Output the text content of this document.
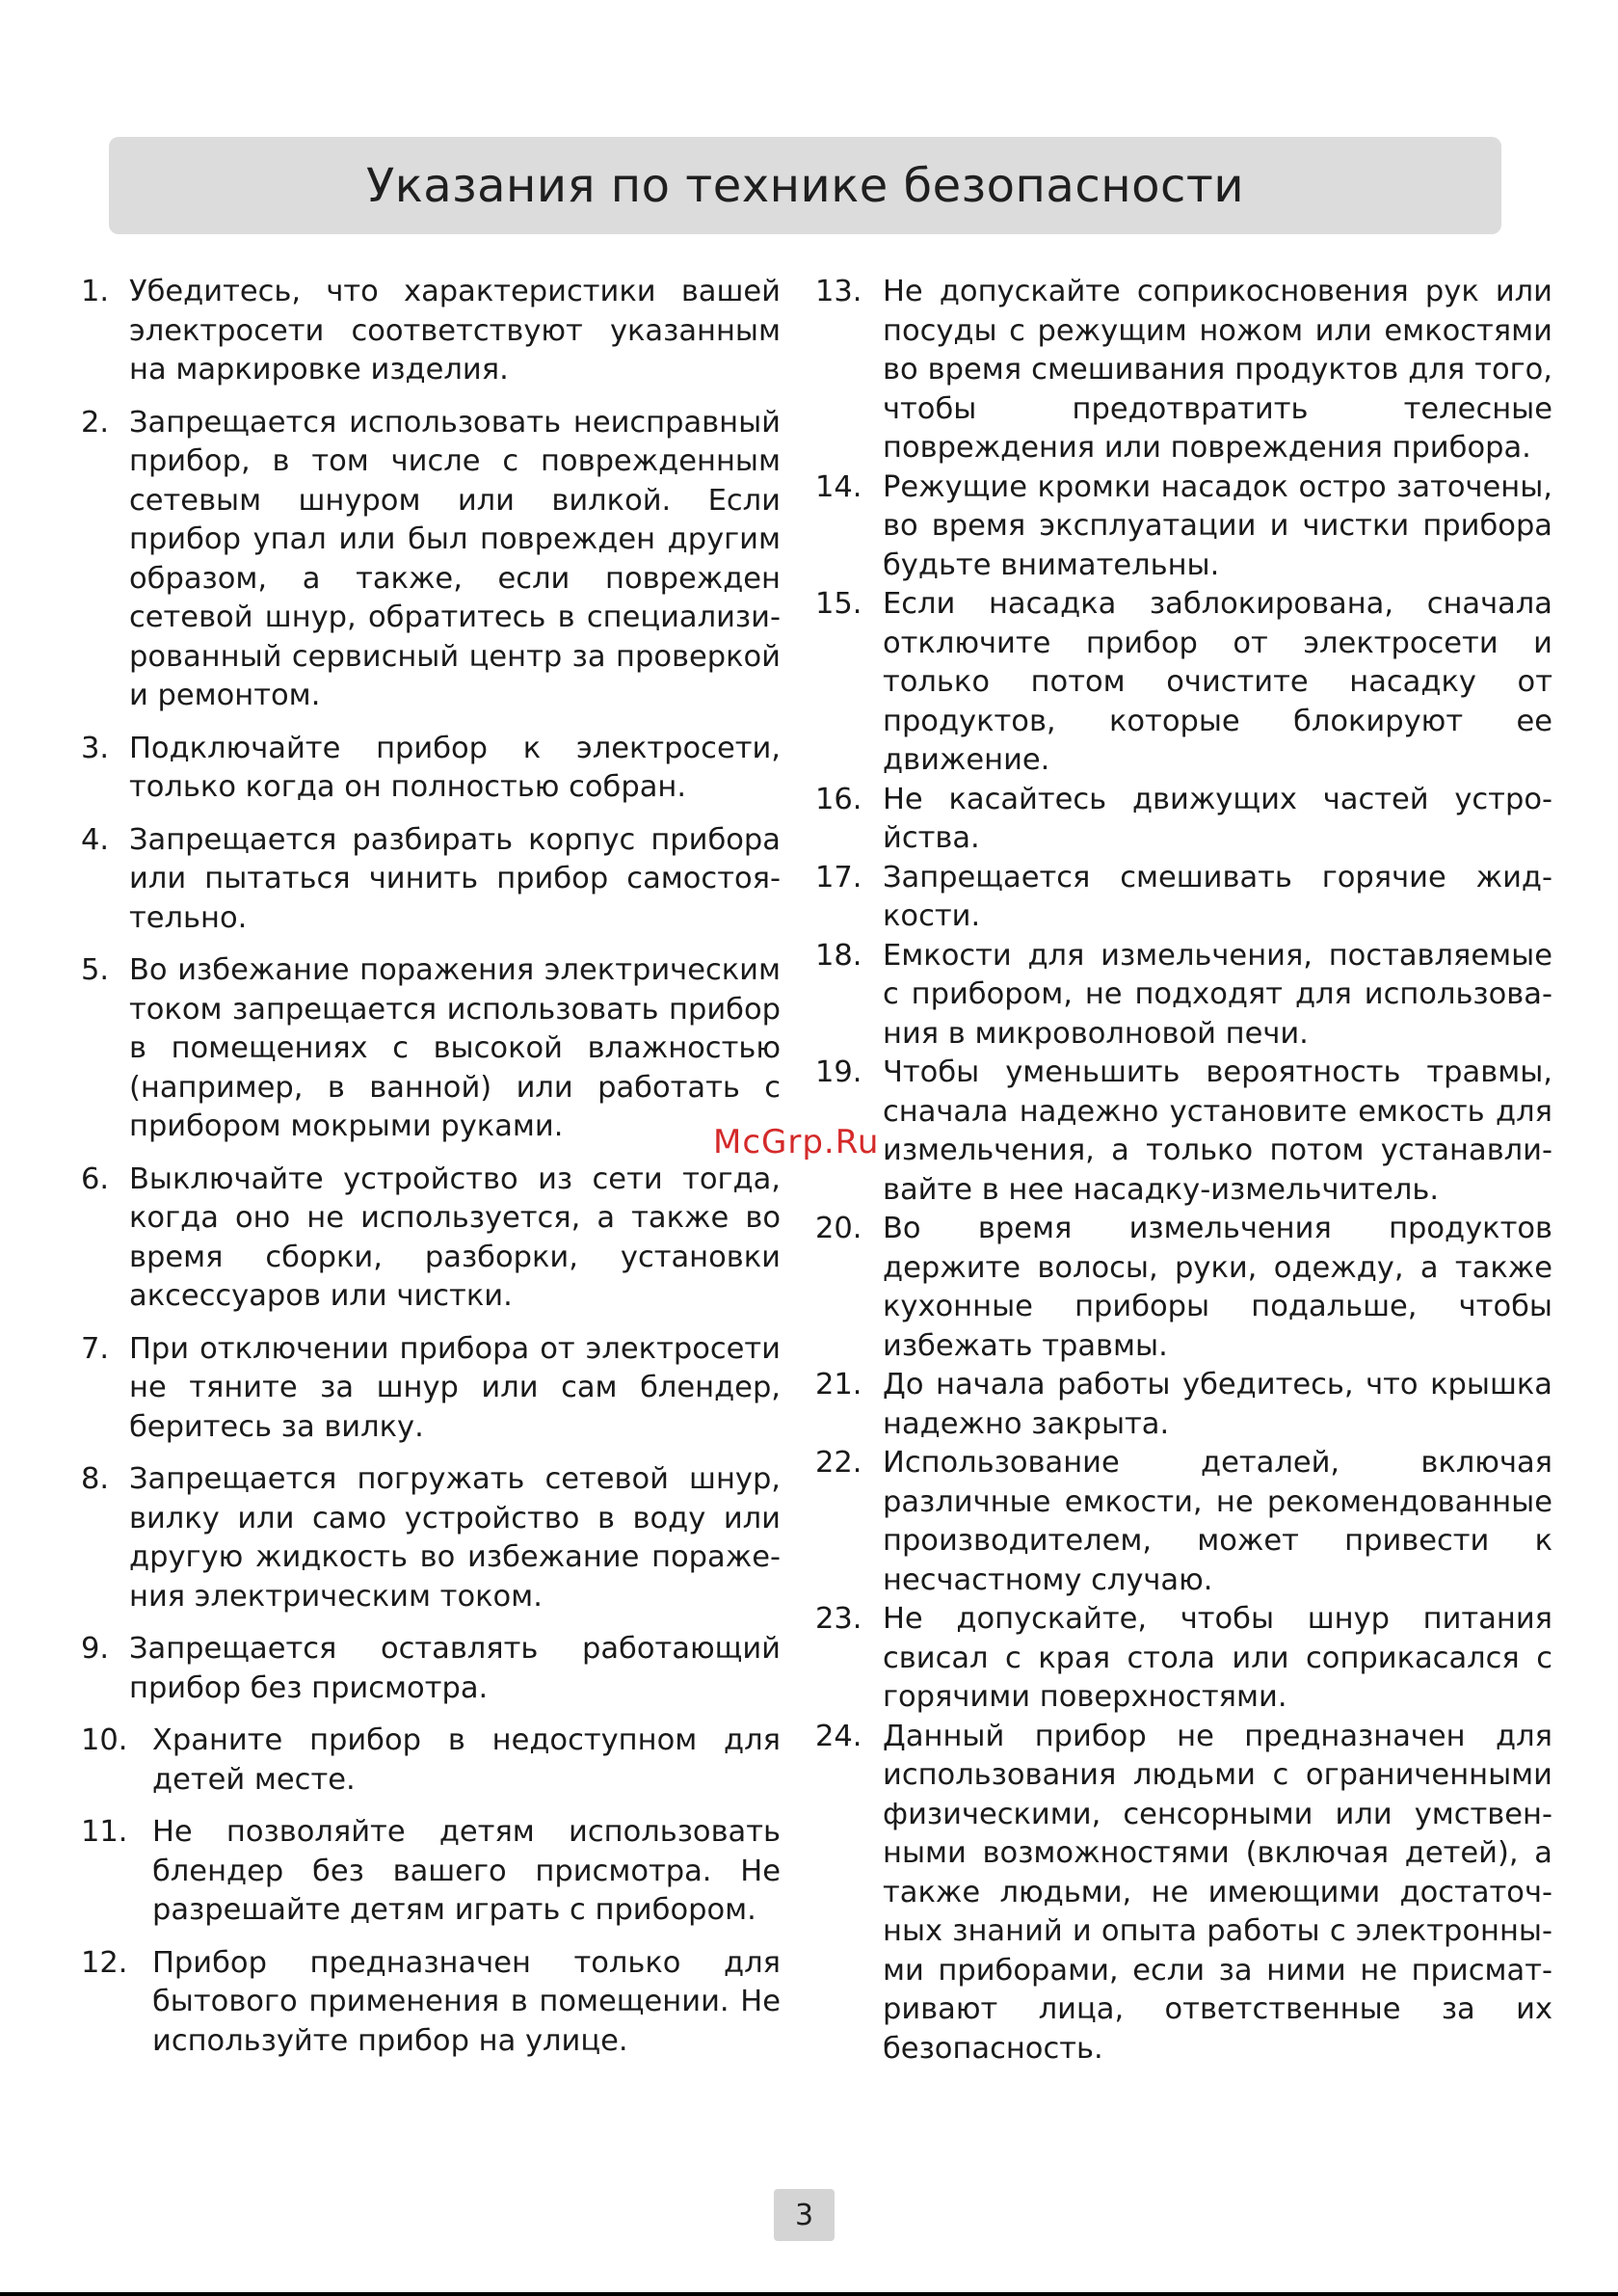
Указания по технике безопасности
1. Убедитесь, что характеристики вашей электросети соответствуют указанным на маркировке изделия.
2. Запрещается использовать неисправный прибор, в том числе с поврежденным сетевым шнуром или вилкой. Если прибор упал или был поврежден другим образом, а также, если поврежден сетевой шнур, обратитесь в специализированный сервисный центр за проверкой и ремонтом.
3. Подключайте прибор к электросети, только когда он полностью собран.
4. Запрещается разбирать корпус прибора или пытаться чинить прибор самостоятельно.
5. Во избежание поражения электрическим током запрещается использовать прибор в помещениях с высокой влажностью (например, в ванной) или работать с прибором мокрыми руками.
6. Выключайте устройство из сети тогда, когда оно не используется, а также во время сборки, разборки, установки аксессуаров или чистки.
7. При отключении прибора от электросети не тяните за шнур или сам блендер, беритесь за вилку.
8. Запрещается погружать сетевой шнур, вилку или само устройство в воду или другую жидкость во избежание поражения электрическим током.
9. Запрещается оставлять работающий прибор без присмотра.
10. Храните прибор в недоступном для детей месте.
11. Не позволяйте детям использовать блендер без вашего присмотра. Не разрешайте детям играть с прибором.
12. Прибор предназначен только для бытового применения в помещении. Не используйте прибор на улице.
13. Не допускайте соприкосновения рук или посуды с режущим ножом или емкостями во время смешивания продуктов для того, чтобы предотвратить телесные повреждения или повреждения прибора.
14. Режущие кромки насадок остро заточены, во время эксплуатации и чистки прибора будьте внимательны.
15. Если насадка заблокирована, сначала отключите прибор от электросети и только потом очистите насадку от продуктов, которые блокируют ее движение.
16. Не касайтесь движущих частей устройства.
17. Запрещается смешивать горячие жидкости.
18. Емкости для измельчения, поставляемые с прибором, не подходят для использования в микроволновой печи.
19. Чтобы уменьшить вероятность травмы, сначала надежно установите емкость для измельчения, а только потом устанавливайте в нее насадку-измельчитель.
20. Во время измельчения продуктов держите волосы, руки, одежду, а также кухонные приборы подальше, чтобы избежать травмы.
21. До начала работы убедитесь, что крышка надежно закрыта.
22. Использование деталей, включая различные емкости, не рекомендованные производителем, может привести к несчастному случаю.
23. Не допускайте, чтобы шнур питания свисал с края стола или соприкасался с горячими поверхностями.
24. Данный прибор не предназначен для использования людьми с ограниченными физическими, сенсорными или умственными возможностями (включая детей), а также людьми, не имеющими достаточных знаний и опыта работы с электронными приборами, если за ними не присматривают лица, ответственные за их безопасность.
McGrp.Ru
3
